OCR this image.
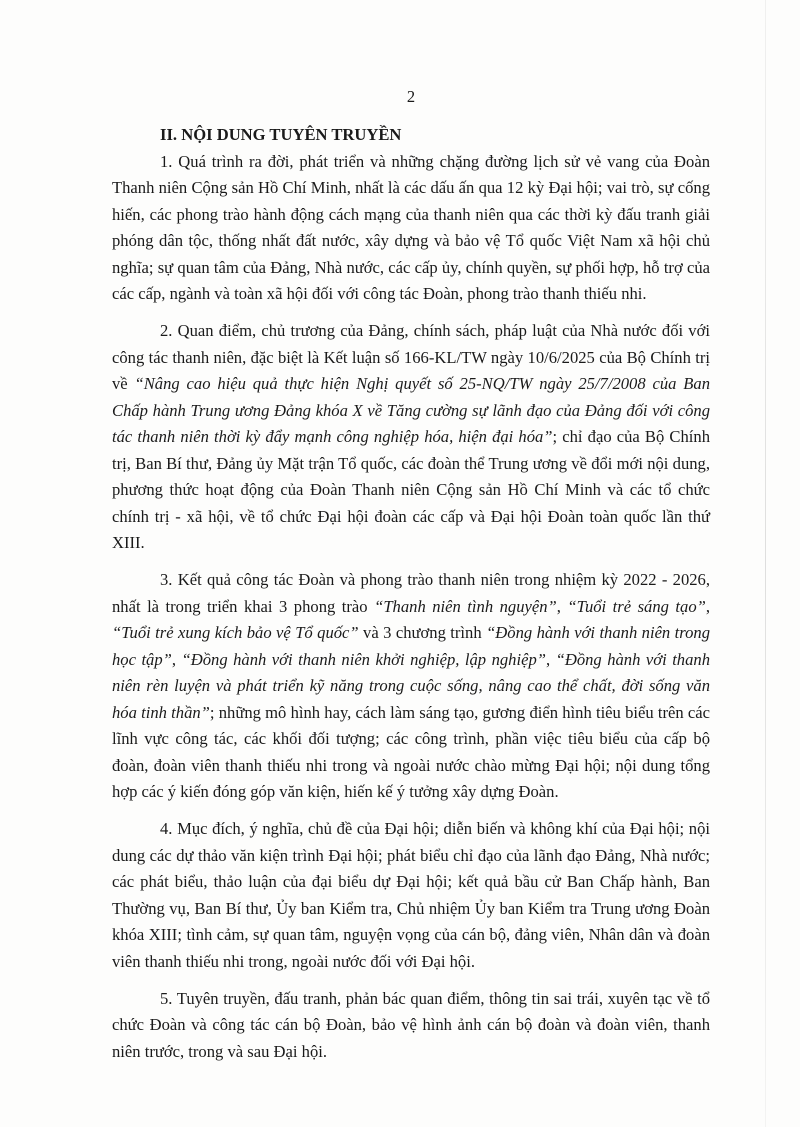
2
II. NỘI DUNG TUYÊN TRUYỀN

1. Quá trình ra đời, phát triển và những chặng đường lịch sử vẻ vang của Đoàn Thanh niên Cộng sản Hồ Chí Minh, nhất là các dấu ấn qua 12 kỳ Đại hội; vai trò, sự cống hiến, các phong trào hành động cách mạng của thanh niên qua các thời kỳ đấu tranh giải phóng dân tộc, thống nhất đất nước, xây dựng và bảo vệ Tổ quốc Việt Nam xã hội chủ nghĩa; sự quan tâm của Đảng, Nhà nước, các cấp ủy, chính quyền, sự phối hợp, hỗ trợ của các cấp, ngành và toàn xã hội đối với công tác Đoàn, phong trào thanh thiếu nhi.

2. Quan điểm, chủ trương của Đảng, chính sách, pháp luật của Nhà nước đối với công tác thanh niên, đặc biệt là Kết luận số 166-KL/TW ngày 10/6/2025 của Bộ Chính trị về “Nâng cao hiệu quả thực hiện Nghị quyết số 25-NQ/TW ngày 25/7/2008 của Ban Chấp hành Trung ương Đảng khóa X về Tăng cường sự lãnh đạo của Đảng đối với công tác thanh niên thời kỳ đẩy mạnh công nghiệp hóa, hiện đại hóa”; chỉ đạo của Bộ Chính trị, Ban Bí thư, Đảng ủy Mặt trận Tổ quốc, các đoàn thể Trung ương về đổi mới nội dung, phương thức hoạt động của Đoàn Thanh niên Cộng sản Hồ Chí Minh và các tổ chức chính trị - xã hội, về tổ chức Đại hội đoàn các cấp và Đại hội Đoàn toàn quốc lần thứ XIII.

3. Kết quả công tác Đoàn và phong trào thanh niên trong nhiệm kỳ 2022 - 2026, nhất là trong triển khai 3 phong trào “Thanh niên tình nguyện”, “Tuổi trẻ sáng tạo”, “Tuổi trẻ xung kích bảo vệ Tổ quốc” và 3 chương trình “Đồng hành với thanh niên trong học tập”, “Đồng hành với thanh niên khởi nghiệp, lập nghiệp”, “Đồng hành với thanh niên rèn luyện và phát triển kỹ năng trong cuộc sống, nâng cao thể chất, đời sống văn hóa tinh thần”; những mô hình hay, cách làm sáng tạo, gương điển hình tiêu biểu trên các lĩnh vực công tác, các khối đối tượng; các công trình, phần việc tiêu biểu của cấp bộ đoàn, đoàn viên thanh thiếu nhi trong và ngoài nước chào mừng Đại hội; nội dung tổng hợp các ý kiến đóng góp văn kiện, hiến kế ý tưởng xây dựng Đoàn.

4. Mục đích, ý nghĩa, chủ đề của Đại hội; diễn biến và không khí của Đại hội; nội dung các dự thảo văn kiện trình Đại hội; phát biểu chỉ đạo của lãnh đạo Đảng, Nhà nước; các phát biểu, thảo luận của đại biểu dự Đại hội; kết quả bầu cử Ban Chấp hành, Ban Thường vụ, Ban Bí thư, Ủy ban Kiểm tra, Chủ nhiệm Ủy ban Kiểm tra Trung ương Đoàn khóa XIII; tình cảm, sự quan tâm, nguyện vọng của cán bộ, đảng viên, Nhân dân và đoàn viên thanh thiếu nhi trong, ngoài nước đối với Đại hội.

5. Tuyên truyền, đấu tranh, phản bác quan điểm, thông tin sai trái, xuyên tạc về tổ chức Đoàn và công tác cán bộ Đoàn, bảo vệ hình ảnh cán bộ đoàn và đoàn viên, thanh niên trước, trong và sau Đại hội.
